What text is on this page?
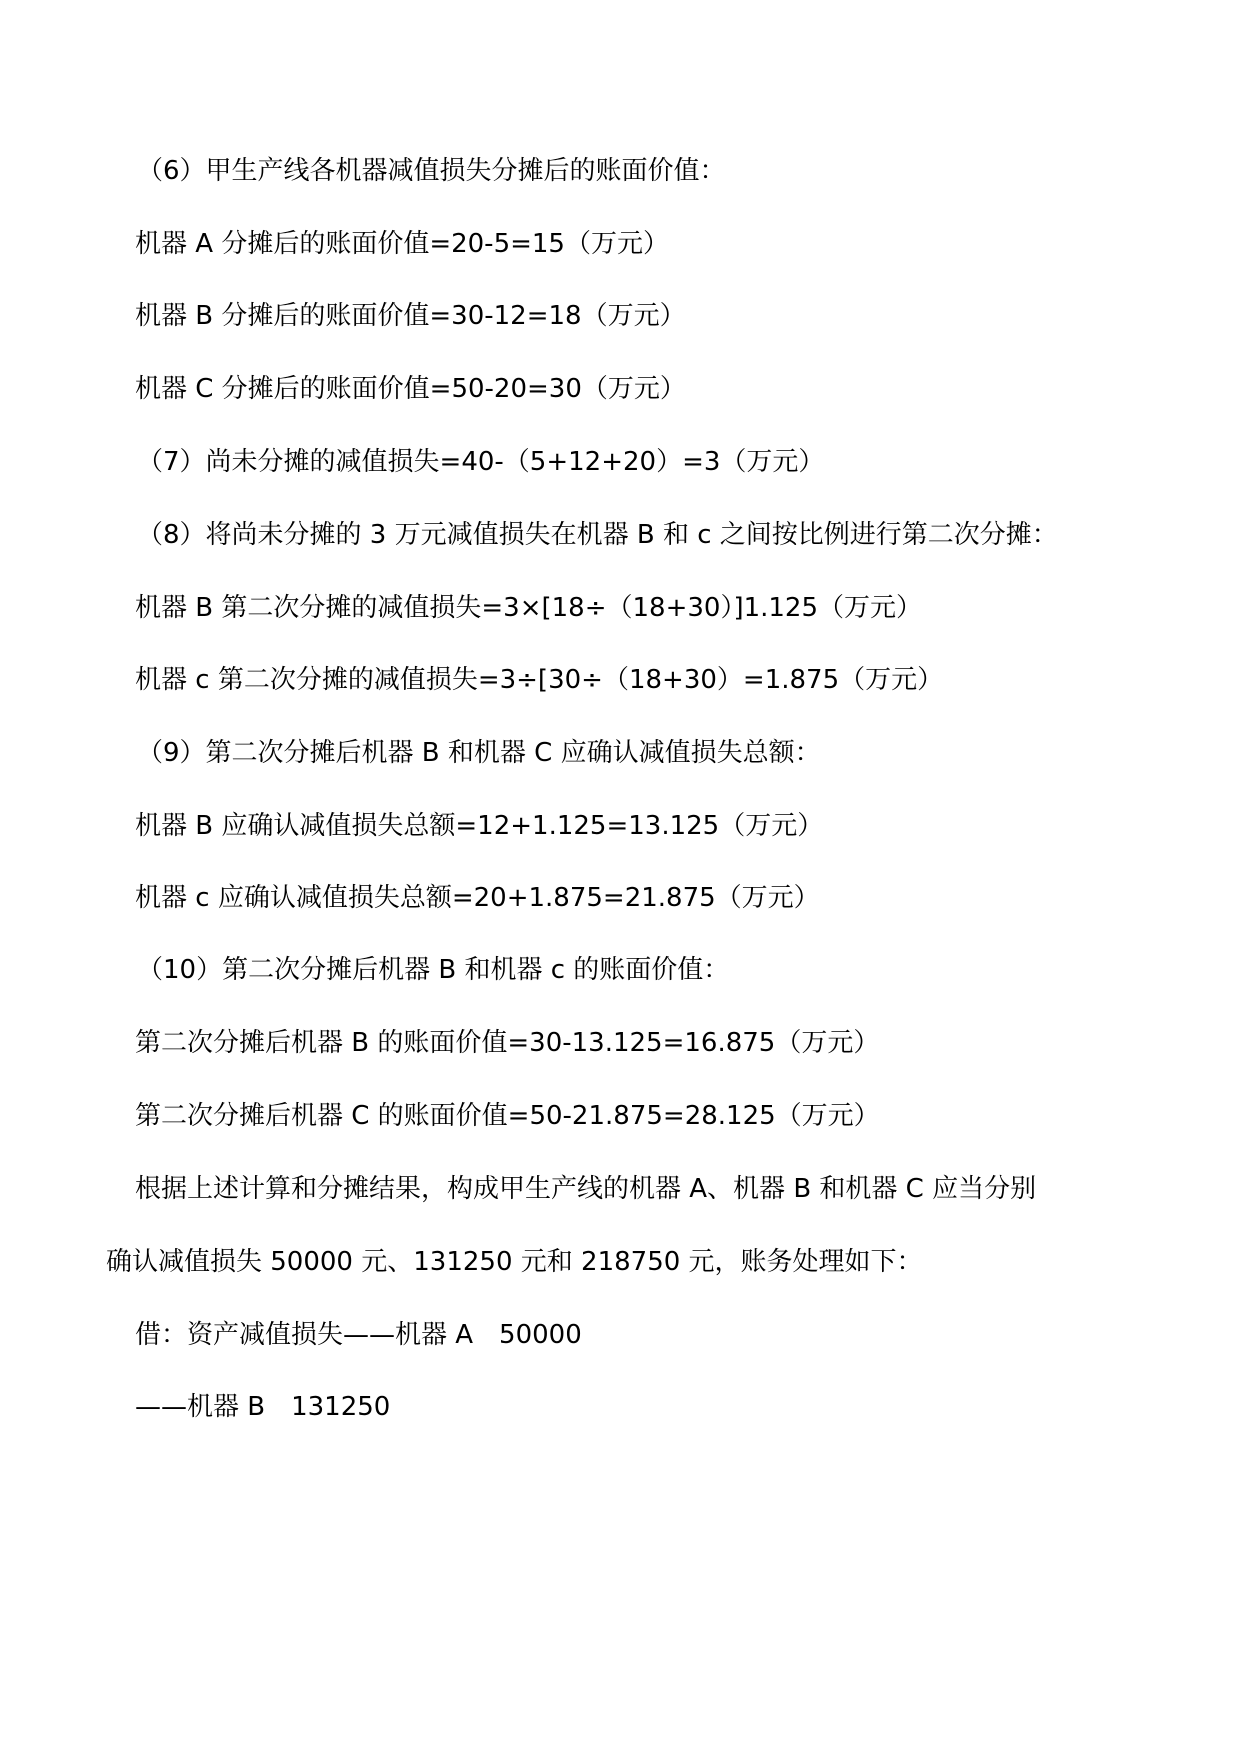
（6）甲生产线各机器减值损失分摊后的账面价值：
机器 A 分摊后的账面价值=20-5=15（万元）
机器 B 分摊后的账面价值=30-12=18（万元）
机器 C 分摊后的账面价值=50-20=30（万元）
（7）尚未分摊的减值损失=40-（5+12+20）=3（万元）
（8）将尚未分摊的 3 万元减值损失在机器 B 和 c 之间按比例进行第二次分摊：
机器 B 第二次分摊的减值损失=3×[18÷（18+30）]1.125（万元）
机器 c 第二次分摊的减值损失=3÷[30÷（18+30）=1.875（万元）
（9）第二次分摊后机器 B 和机器 C 应确认减值损失总额：
机器 B 应确认减值损失总额=12+1.125=13.125（万元）
机器 c 应确认减值损失总额=20+1.875=21.875（万元）
（10）第二次分摊后机器 B 和机器 c 的账面价值：
第二次分摊后机器 B 的账面价值=30-13.125=16.875（万元）
第二次分摊后机器 C 的账面价值=50-21.875=28.125（万元）
根据上述计算和分摊结果，构成甲生产线的机器 A、机器 B 和机器 C 应当分别
确认减值损失 50000 元、131250 元和 218750 元，账务处理如下：
借：资产减值损失——机器 A　50000
——机器 B　131250
